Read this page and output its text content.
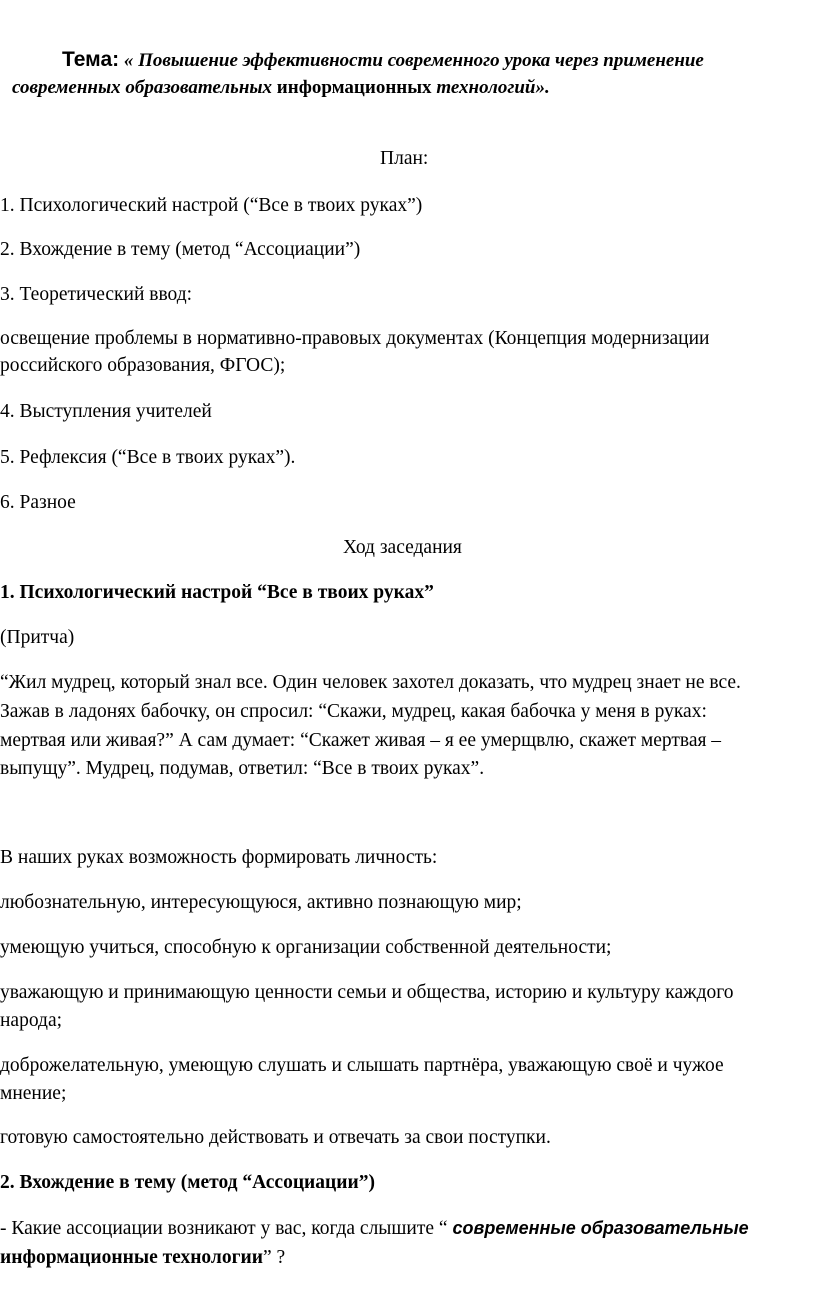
Тема: « Повышение эффективности современного урока через применение
современных образовательных информационных технологий».
План:
1. Психологический настрой (“Все в твоих руках”)
2. Вхождение в тему (метод “Ассоциации”)
3. Теоретический ввод:
освещение проблемы в нормативно-правовых документах (Концепция модернизации
российского образования, ФГОС);
4. Выступления учителей
5. Рефлексия (“Все в твоих руках”).
6. Разное
Ход заседания
1. Психологический настрой “Все в твоих руках”
(Притча)
“Жил мудрец, который знал все. Один человек захотел доказать, что мудрец знает не все.
Зажав в ладонях бабочку, он спросил: “Скажи, мудрец, какая бабочка у меня в руках:
мертвая или живая?” А сам думает: “Скажет живая – я ее умерщвлю, скажет мертвая –
выпущу”. Мудрец, подумав, ответил: “Все в твоих руках”.
В наших руках возможность формировать личность:
любознательную, интересующуюся, активно познающую мир;
умеющую учиться, способную к организации собственной деятельности;
уважающую и принимающую ценности семьи и общества, историю и культуру каждого
народа;
доброжелательную, умеющую слушать и слышать партнёра, уважающую своё и чужое
мнение;
готовую самостоятельно действовать и отвечать за свои поступки.
2. Вхождение в тему (метод “Ассоциации”)
- Какие ассоциации возникают у вас, когда слышите “ современные образовательные
информационные технологии” ?
